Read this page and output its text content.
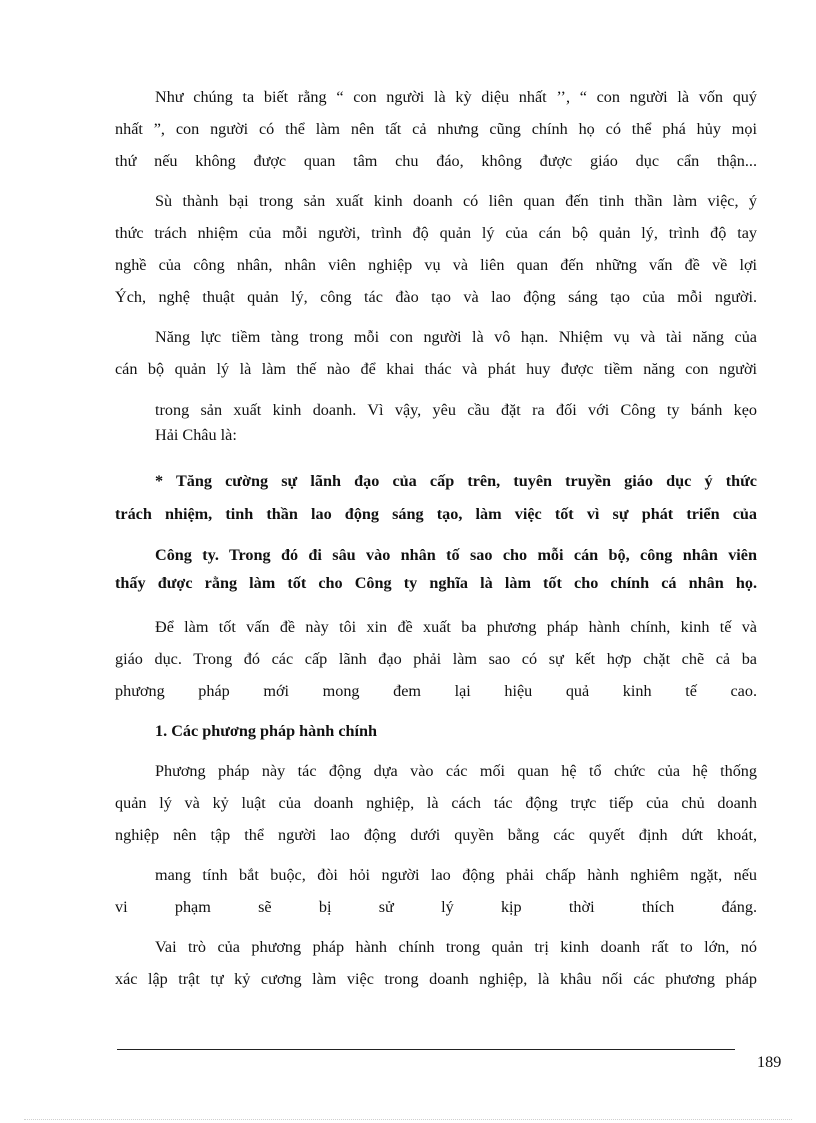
Như chúng ta biết rằng “ con người là kỳ diệu nhất ’’, “ con người là vốn quý
nhất ”, con người có thể làm nên tất cả nhưng cũng chính họ có thể phá hủy mọi
thứ nếu không được quan tâm chu đáo, không được giáo dục cẩn thận...
Sù thành bại trong sản xuất kinh doanh có liên quan đến tinh thần làm việc, ý
thức trách nhiệm của mỗi người, trình độ quản lý của cán bộ quản lý, trình độ tay
nghề của công nhân, nhân viên nghiệp vụ và liên quan đến những vấn đề về lợi
Ých, nghệ thuật quản lý, công tác đào tạo và lao động sáng tạo của mỗi người.
Năng lực tiềm tàng trong mỗi con người là vô hạn. Nhiệm vụ và tài năng của
cán bộ quản lý là làm thế nào để khai thác và phát huy được tiềm năng con người
trong sản xuất kinh doanh. Vì vậy, yêu cầu đặt ra đối với Công ty bánh kẹo
Hải Châu là:
* Tăng cường sự lãnh đạo của cấp trên, tuyên truyền giáo dục ý thức
trách nhiệm, tinh thần lao động sáng tạo, làm việc tốt vì sự phát triển của
Công ty. Trong đó đi sâu vào nhân tố sao cho mỗi cán bộ, công nhân viên
thấy được rằng làm tốt cho Công ty nghĩa là làm tốt cho chính cá nhân họ.
Để làm tốt vấn đề này tôi xin đề xuất ba phương pháp hành chính, kinh tế và
giáo dục. Trong đó các cấp lãnh đạo phải làm sao có sự kết hợp chặt chẽ cả ba
phương pháp mới mong đem lại hiệu quả kinh tế cao.
1. Các phương pháp hành chính
Phương pháp này tác động dựa vào các mối quan hệ tổ chức của hệ thống
quản lý và kỷ luật của doanh nghiệp, là cách tác động trực tiếp của chủ doanh
nghiệp nên tập thể người lao động dưới quyền bằng các quyết định dứt khoát,
mang tính bắt buộc, đòi hỏi người lao động phải chấp hành nghiêm ngặt, nếu
vi phạm sẽ bị sử lý kịp thời thích đáng.
Vai trò của phương pháp hành chính trong quản trị kinh doanh rất to lớn, nó
xác lập trật tự kỷ cương làm việc trong doanh nghiệp, là khâu nối các phương pháp
189
